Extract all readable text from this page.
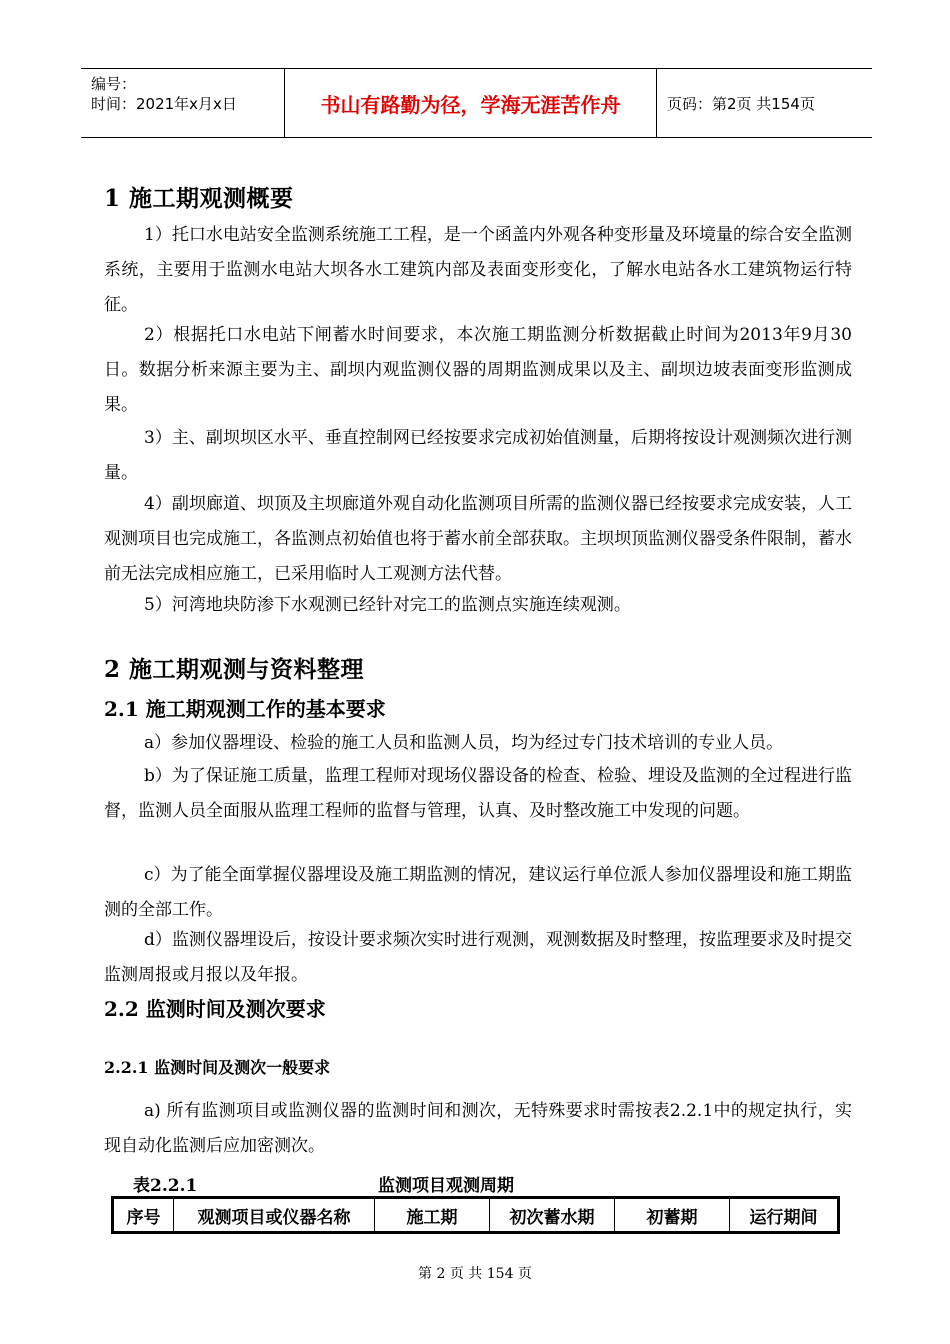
编号：
时间：2021年x月x日	书山有路勤为径，学海无涯苦作舟	页码：第2页 共154页
1 施工期观测概要

1）托口水电站安全监测系统施工工程，是一个函盖内外观各种变形量及环境量的综合安全监测系统，主要用于监测水电站大坝各水工建筑内部及表面变形变化，了解水电站各水工建筑物运行特征。

2）根据托口水电站下闸蓄水时间要求，本次施工期监测分析数据截止时间为2013年9月30日。数据分析来源主要为主、副坝内观监测仪器的周期监测成果以及主、副坝边坡表面变形监测成果。

3）主、副坝坝区水平、垂直控制网已经按要求完成初始值测量，后期将按设计观测频次进行测量。

4）副坝廊道、坝顶及主坝廊道外观自动化监测项目所需的监测仪器已经按要求完成安装，人工观测项目也完成施工，各监测点初始值也将于蓄水前全部获取。主坝坝顶监测仪器受条件限制，蓄水前无法完成相应施工，已采用临时人工观测方法代替。

5）河湾地块防渗下水观测已经针对完工的监测点实施连续观测。

2 施工期观测与资料整理
2.1 施工期观测工作的基本要求

a）参加仪器埋设、检验的施工人员和监测人员，均为经过专门技术培训的专业人员。

b）为了保证施工质量，监理工程师对现场仪器设备的检查、检验、埋设及监测的全过程进行监督，监测人员全面服从监理工程师的监督与管理，认真、及时整改施工中发现的问题。

c）为了能全面掌握仪器埋设及施工期监测的情况，建议运行单位派人参加仪器埋设和施工期监测的全部工作。

d）监测仪器埋设后，按设计要求频次实时进行观测，观测数据及时整理，按监理要求及时提交监测周报或月报以及年报。

2.2 监测时间及测次要求
2.2.1 监测时间及测次一般要求

a) 所有监测项目或监测仪器的监测时间和测次，无特殊要求时需按表2.2.1中的规定执行，实现自动化监测后应加密测次。

表2.2.1	监测项目观测周期
序号	观测项目或仪器名称	施工期	初次蓄水期	初蓄期	运行期间
第 2 页 共 154 页
